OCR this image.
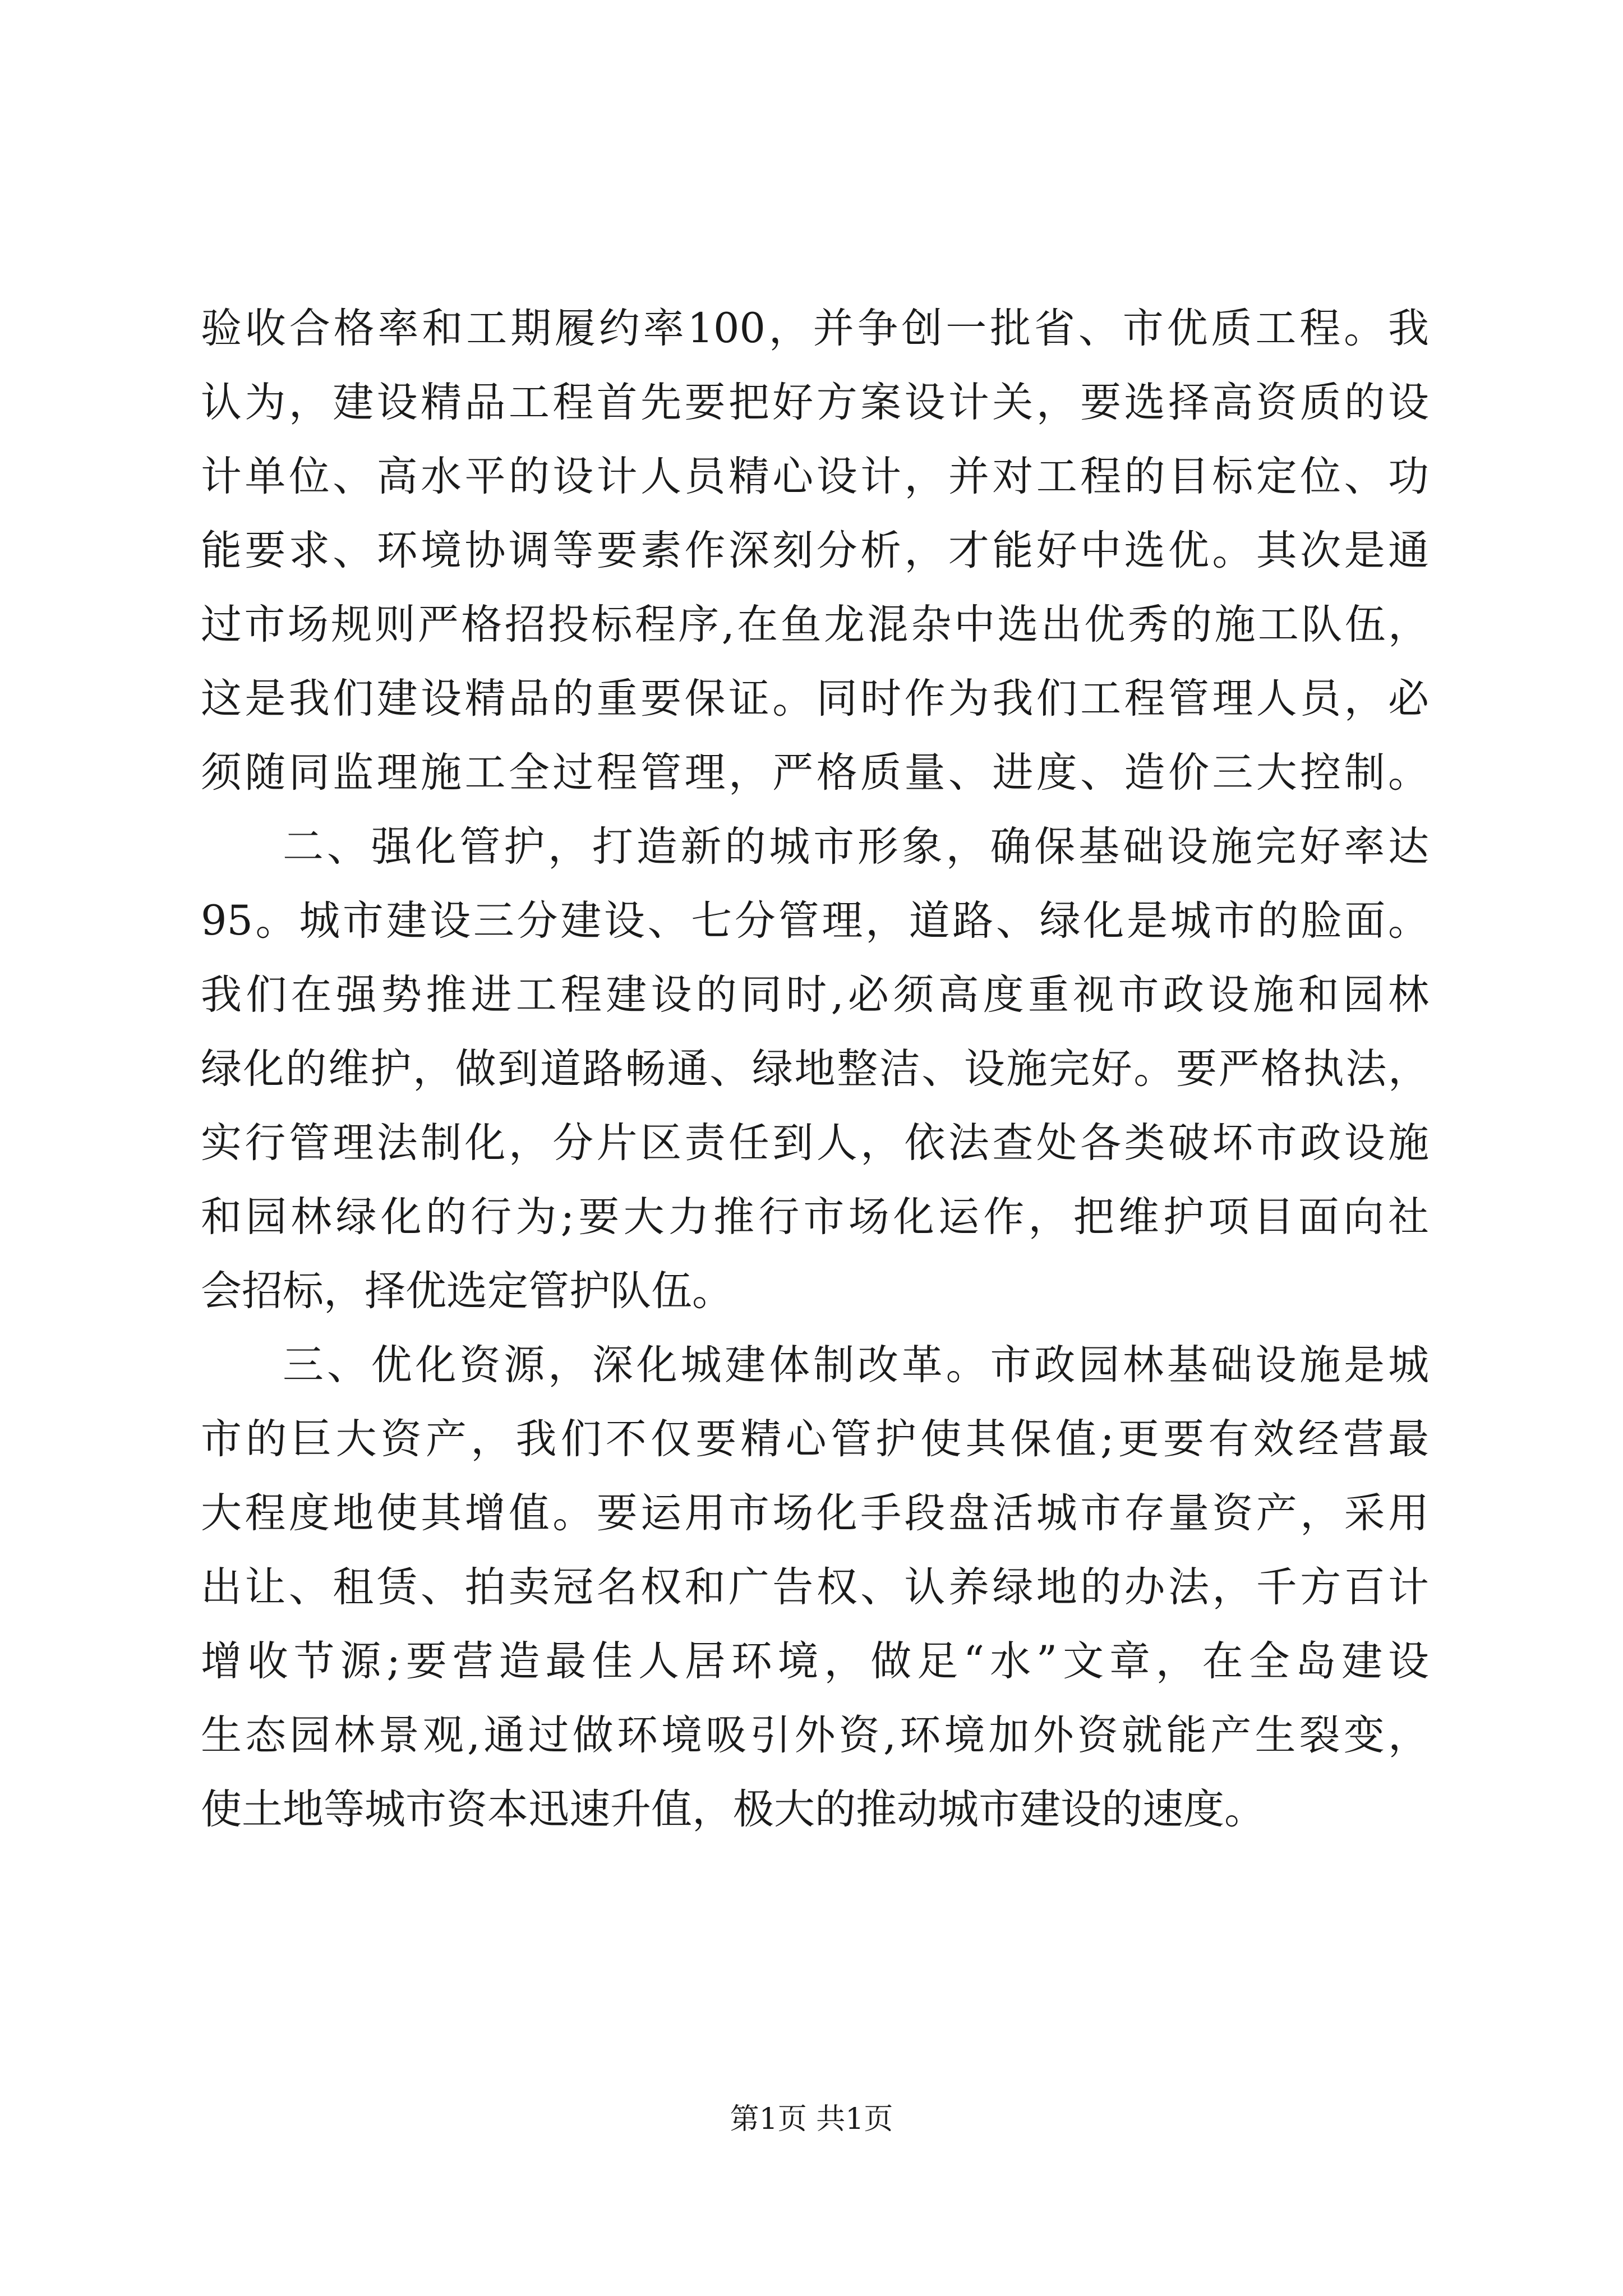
验收合格率和工期履约率100，并争创一批省、市优质工程。我
认为，建设精品工程首先要把好方案设计关，要选择高资质的设
计单位、高水平的设计人员精心设计，并对工程的目标定位、功
能要求、环境协调等要素作深刻分析，才能好中选优。其次是通
过市场规则严格招投标程序,在鱼龙混杂中选出优秀的施工队伍，
这是我们建设精品的重要保证。同时作为我们工程管理人员，必
须随同监理施工全过程管理，严格质量、进度、造价三大控制。
二、强化管护，打造新的城市形象，确保基础设施完好率达
95。城市建设三分建设、七分管理，道路、绿化是城市的脸面。
我们在强势推进工程建设的同时,必须高度重视市政设施和园林
绿化的维护，做到道路畅通、绿地整洁、设施完好。要严格执法，
实行管理法制化，分片区责任到人，依法查处各类破坏市政设施
和园林绿化的行为;要大力推行市场化运作，把维护项目面向社
会招标，择优选定管护队伍。
三、优化资源，深化城建体制改革。市政园林基础设施是城
市的巨大资产，我们不仅要精心管护使其保值;更要有效经营最
大程度地使其增值。要运用市场化手段盘活城市存量资产，采用
出让、租赁、拍卖冠名权和广告权、认养绿地的办法，千方百计
增收节源;要营造最佳人居环境，做足“水”文章，在全岛建设
生态园林景观,通过做环境吸引外资,环境加外资就能产生裂变，
使土地等城市资本迅速升值，极大的推动城市建设的速度。
第1页 共1页
